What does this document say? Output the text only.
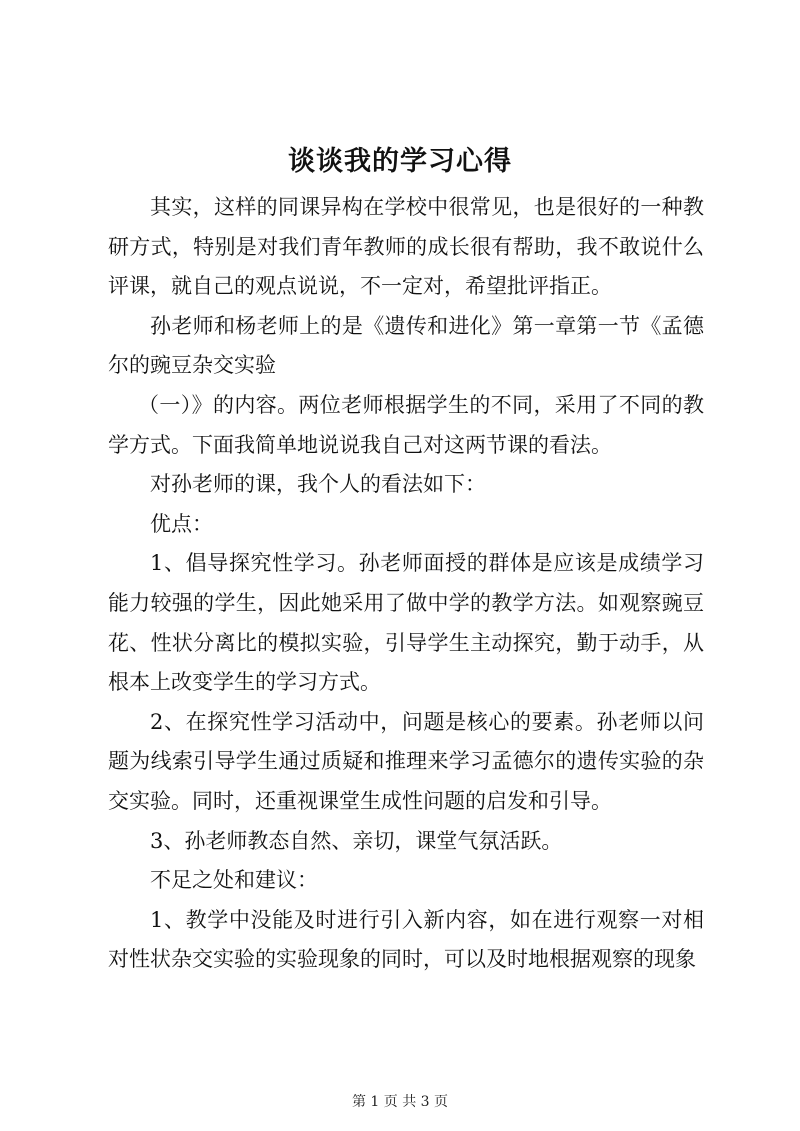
谈谈我的学习心得

其实，这样的同课异构在学校中很常见，也是很好的一种教研方式，特别是对我们青年教师的成长很有帮助，我不敢说什么评课，就自己的观点说说，不一定对，希望批评指正。

孙老师和杨老师上的是《遗传和进化》第一章第一节《孟德尔的豌豆杂交实验

（一）》的内容。两位老师根据学生的不同，采用了不同的教学方式。下面我简单地说说我自己对这两节课的看法。

对孙老师的课，我个人的看法如下：

优点：

1、倡导探究性学习。孙老师面授的群体是应该是成绩学习能力较强的学生，因此她采用了做中学的教学方法。如观察豌豆花、性状分离比的模拟实验，引导学生主动探究，勤于动手，从根本上改变学生的学习方式。

2、在探究性学习活动中，问题是核心的要素。孙老师以问题为线索引导学生通过质疑和推理来学习孟德尔的遗传实验的杂交实验。同时，还重视课堂生成性问题的启发和引导。

3、孙老师教态自然、亲切，课堂气氛活跃。

不足之处和建议：

1、教学中没能及时进行引入新内容，如在进行观察一对相对性状杂交实验的实验现象的同时，可以及时地根据观察的现象

第 1 页 共 3 页
